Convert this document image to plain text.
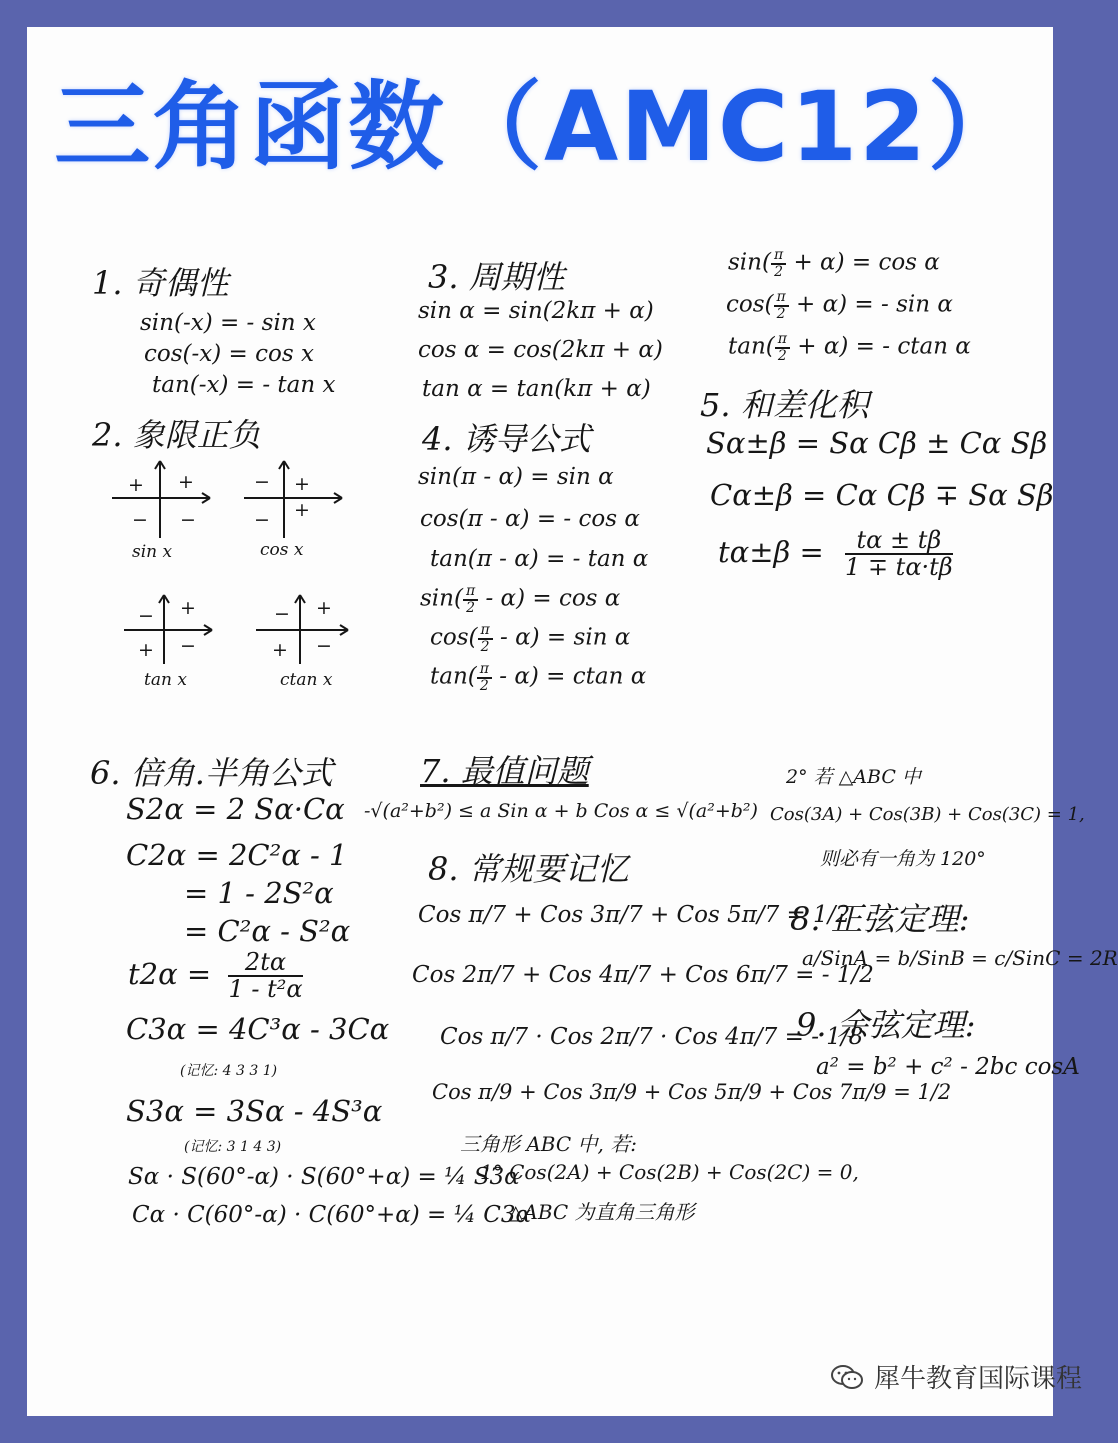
三角函数（AMC12）
1. 奇偶性
sin(-x) = - sin x
cos(-x) = cos x
tan(-x) = - tan x
2. 象限正负
+ +
− −
sin x
− +
− +
cos x
− +
+ −
tan x
− +
+ −
ctan x
3. 周期性
sin α = sin(2kπ + α)
cos α = cos(2kπ + α)
tan α = tan(kπ + α)
4. 诱导公式
sin(π - α) = sin α
cos(π - α) = - cos α
tan(π - α) = - tan α
$\sin( \frac{\pi}{2} - \alpha) = \cos \alpha$
$\cos( \frac{\pi}{2} - \alpha) = \sin \alpha$
$\tan( \frac{\pi}{2} - \alpha) = ctan$ α
$\sin( \frac{\pi}{2} + \alpha) = \cos \alpha$
$\cos( \frac{\pi}{2} + \alpha)$ = - sin α
$\tan( \frac{\pi}{2} + \alpha)$ = - ctan α
5. 和差化积
Sα±β = Sα Cβ ± Cα Sβ
Cα±β = Cα Cβ ∓ Sα Sβ
$t\alpha\pm\beta = \frac{t\alpha \pm t\beta}{1 \mp t\alpha\cdot t\beta}$
6. 倍角.半角公式
S2α = 2 Sα·Cα
C2α = 2C²α - 1
= 1 - 2S²α
= C²α - S²α
$t2\alpha = \frac{2t\alpha}{\text{1 - t²α}}$
C3α = 4C³α - 3Cα
(记忆: 4 3 3 1)
S3α = 3Sα - 4S³α
(记忆: 3 1 4 3)
Sα · S(60°-α) · S(60°+α) = ¼ S3α
Cα · C(60°-α) · C(60°+α) = ¼ C3α
7. 最值问题
-√(a²+b²) ≤ a Sin α + b Cos α ≤ √(a²+b²)
8. 常规要记忆
Cos π/7 + Cos 3π/7 + Cos 5π/7 = 1/2
Cos 2π/7 + Cos 4π/7 + Cos 6π/7 = - 1/2
Cos π/7 · Cos 2π/7 · Cos 4π/7 = - 1/8
Cos π/9 + Cos 3π/9 + Cos 5π/9 + Cos 7π/9 = 1/2
三角形 ABC 中, 若:
1° Cos(2A) + Cos(2B) + Cos(2C) = 0,
△ABC 为直角三角形
2° 若 △ABC 中
Cos(3A) + Cos(3B) + Cos(3C) = 1,
则必有一角为 120°
8. 正弦定理:
a/SinA = b/SinB = c/SinC = 2R
9. 余弦定理:
a² = b² + c² - 2bc cosA
犀牛教育国际课程
